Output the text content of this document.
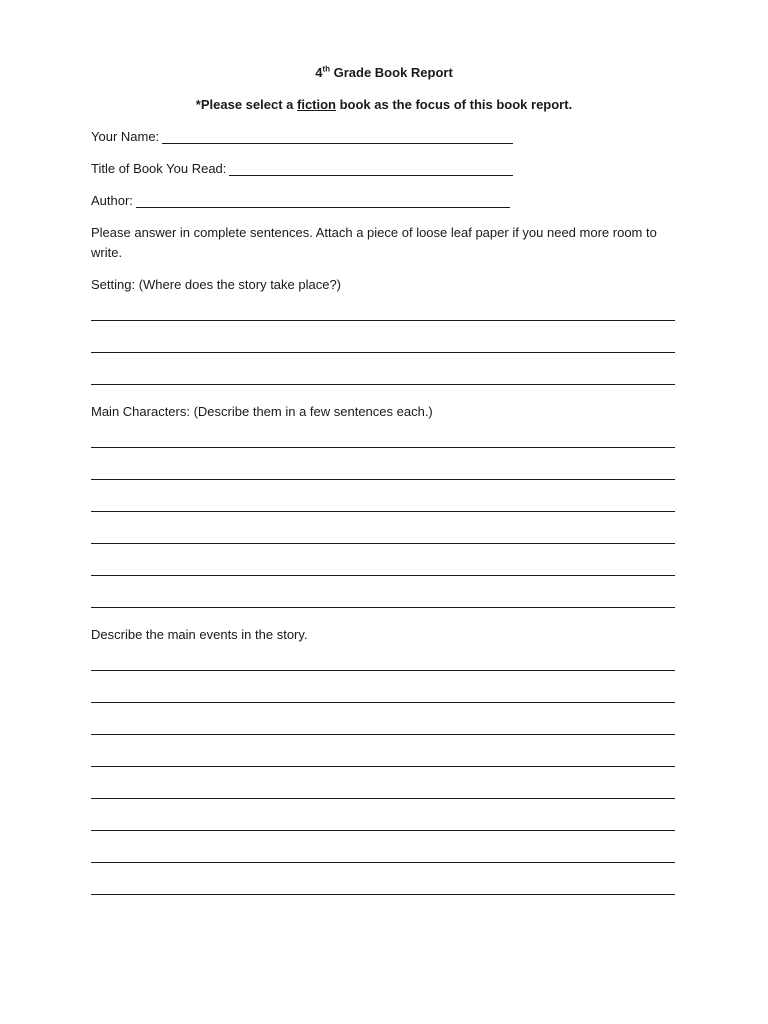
4th Grade Book Report
*Please select a fiction book as the focus of this book report.
Your Name:
Title of Book You Read:
Author:
Please answer in complete sentences. Attach a piece of loose leaf paper if you need more room to write.
Setting: (Where does the story take place?)
Main Characters: (Describe them in a few sentences each.)
Describe the main events in the story.
